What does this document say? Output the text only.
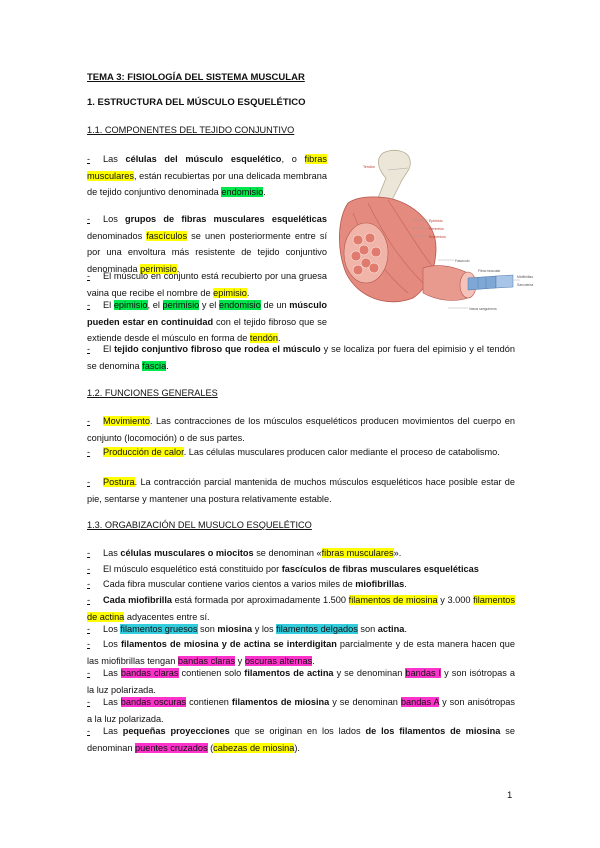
TEMA 3: FISIOLOGÍA DEL SISTEMA MUSCULAR
1. ESTRUCTURA DEL MÚSCULO ESQUELÉTICO
1.1. COMPONENTES DEL TEJIDO CONJUNTIVO
Tendón
Epimisio
Perimisio
Endomisio
Fascículo
Fibra muscular
Miofibrillas
Sarcolema
Vasos sanguíneos
- Las células del músculo esquelético, o fibras musculares, están recubiertas por una delicada membrana de tejido conjuntivo denominada endomisio.
- Los grupos de fibras musculares esqueléticas denominados fascículos se unen posteriormente entre sí por una envoltura más resistente de tejido conjuntivo denominada perimisio.
- El músculo en conjunto está recubierto por una gruesa vaina que recibe el nombre de epimisio.
- El epimisio, el perimisio y el endomisio de un músculo pueden estar en continuidad con el tejido fibroso que se extiende desde el músculo en forma de tendón.
- El tejido conjuntivo fibroso que rodea el músculo y se localiza por fuera del epimisio y el tendón se denomina fascia.
1.2. FUNCIONES GENERALES
- Movimiento. Las contracciones de los músculos esqueléticos producen movimientos del cuerpo en conjunto (locomoción) o de sus partes.
- Producción de calor. Las células musculares producen calor mediante el proceso de catabolismo.
- Postura. La contracción parcial mantenida de muchos músculos esqueléticos hace posible estar de pie, sentarse y mantener una postura relativamente estable.
1.3. ORGABIZACIÓN DEL MUSUCLO ESQUELÉTICO
- Las células musculares o miocitos se denominan «fibras musculares».
- El músculo esquelético está constituido por fascículos de fibras musculares esqueléticas
- Cada fibra muscular contiene varios cientos a varios miles de miofibrillas.
- Cada miofibrilla está formada por aproximadamente 1.500 filamentos de miosina y 3.000 filamentos de actina adyacentes entre sí.
- Los filamentos gruesos son miosina y los filamentos delgados son actina.
- Los filamentos de miosina y de actina se interdigitan parcialmente y de esta manera hacen que las miofibrillas tengan bandas claras y oscuras alternas.
- Las bandas claras contienen solo filamentos de actina y se denominan bandas I y son isótropas a la luz polarizada.
- Las bandas oscuras contienen filamentos de miosina y se denominan bandas A y son anisótropas a la luz polarizada.
- Las pequeñas proyecciones que se originan en los lados de los filamentos de miosina se denominan puentes cruzados (cabezas de miosina).
1
